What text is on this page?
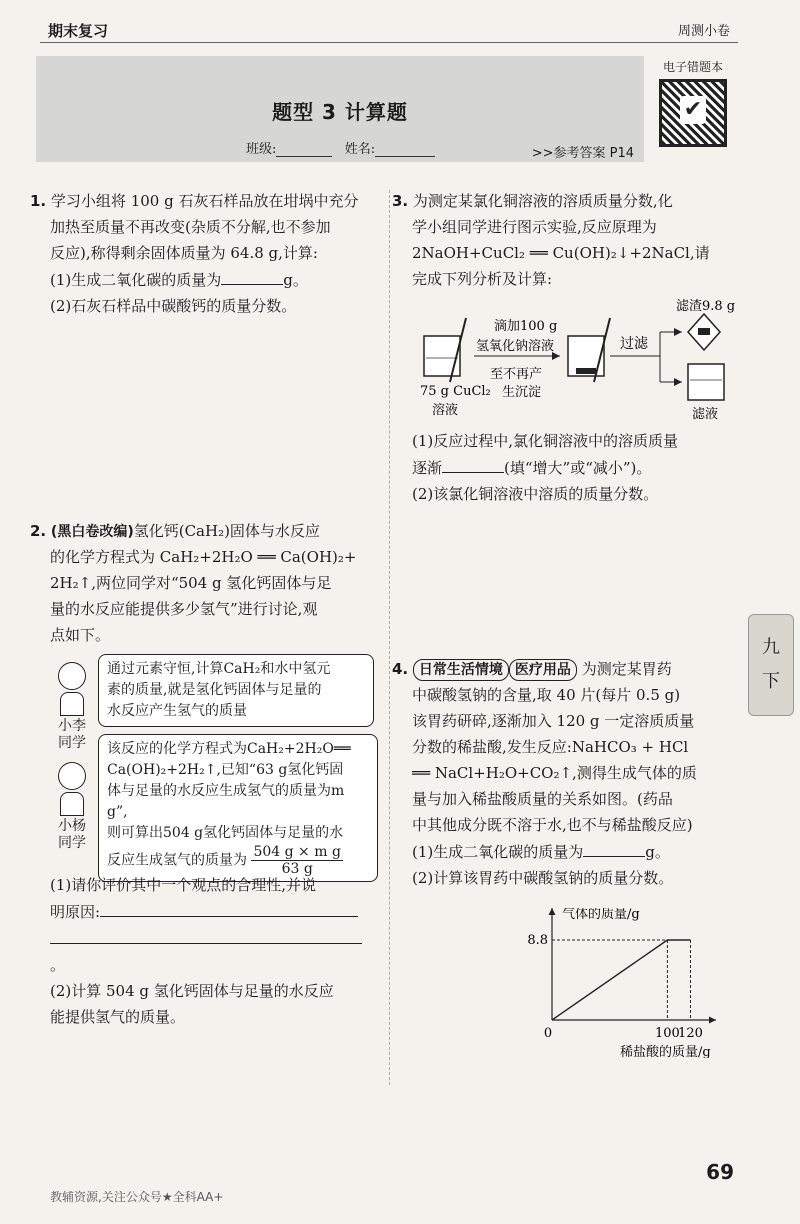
期末复习	周测小卷
题型 3 计算题
班级:	姓名:	>>参考答案 P14
电子错题本
✔
1. 学习小组将 100 g 石灰石样品放在坩埚中充分
加热至质量不再改变(杂质不分解,也不参加
反应),称得剩余固体质量为 64.8 g,计算:
(1)生成二氧化碳的质量为	g。
(2)石灰石样品中碳酸钙的质量分数。
2. (黑白卷改编)氢化钙(CaH₂)固体与水反应
的化学方程式为 CaH₂+2H₂O ══ Ca(OH)₂+
2H₂↑,两位同学对“504 g 氢化钙固体与足
量的水反应能提供多少氢气”进行讨论,观
点如下。
小李
同学
通过元素守恒,计算CaH₂和水中氢元
素的质量,就是氢化钙固体与足量的
水反应产生氢气的质量
小杨
同学
该反应的化学方程式为CaH₂+2H₂O══
Ca(OH)₂+2H₂↑,已知“63 g氢化钙固
体与足量的水反应生成氢气的质量为m g”,
则可算出504 g氢化钙固体与足量的水
反应生成氢气的质量为 $\frac{\text{504 g × m g}}{63 g}$
(1)请你评价其中一个观点的合理性,并说
明原因:
。
(2)计算 504 g 氢化钙固体与足量的水反应
能提供氢气的质量。
3. 为测定某氯化铜溶液的溶质质量分数,化
学小组同学进行图示实验,反应原理为
2NaOH+CuCl₂ ══ Cu(OH)₂↓+2NaCl,请
完成下列分析及计算:
75 g CuCl₂
溶液
滴加100 g
氢氧化钠溶液
至不再产
生沉淀
过滤
滤渣9.8 g
滤液
(1)反应过程中,氯化铜溶液中的溶质质量
逐渐	(填“增大”或“减小”)。
(2)该氯化铜溶液中溶质的质量分数。
4. 日常生活情境 医疗用品 为测定某胃药
中碳酸氢钠的含量,取 40 片(每片 0.5 g)
该胃药研碎,逐渐加入 120 g 一定溶质质量
分数的稀盐酸,发生反应:NaHCO₃ + HCl
══ NaCl+H₂O+CO₂↑,测得生成气体的质
量与加入稀盐酸质量的关系如图。(药品
中其他成分既不溶于水,也不与稀盐酸反应)
(1)生成二氧化碳的质量为	g。
(2)计算该胃药中碳酸氢钠的质量分数。
8.8
0	100
120
气体的质量/g
稀盐酸的质量/g
九
下
教辅资源,关注公众号★全科AA+
69
